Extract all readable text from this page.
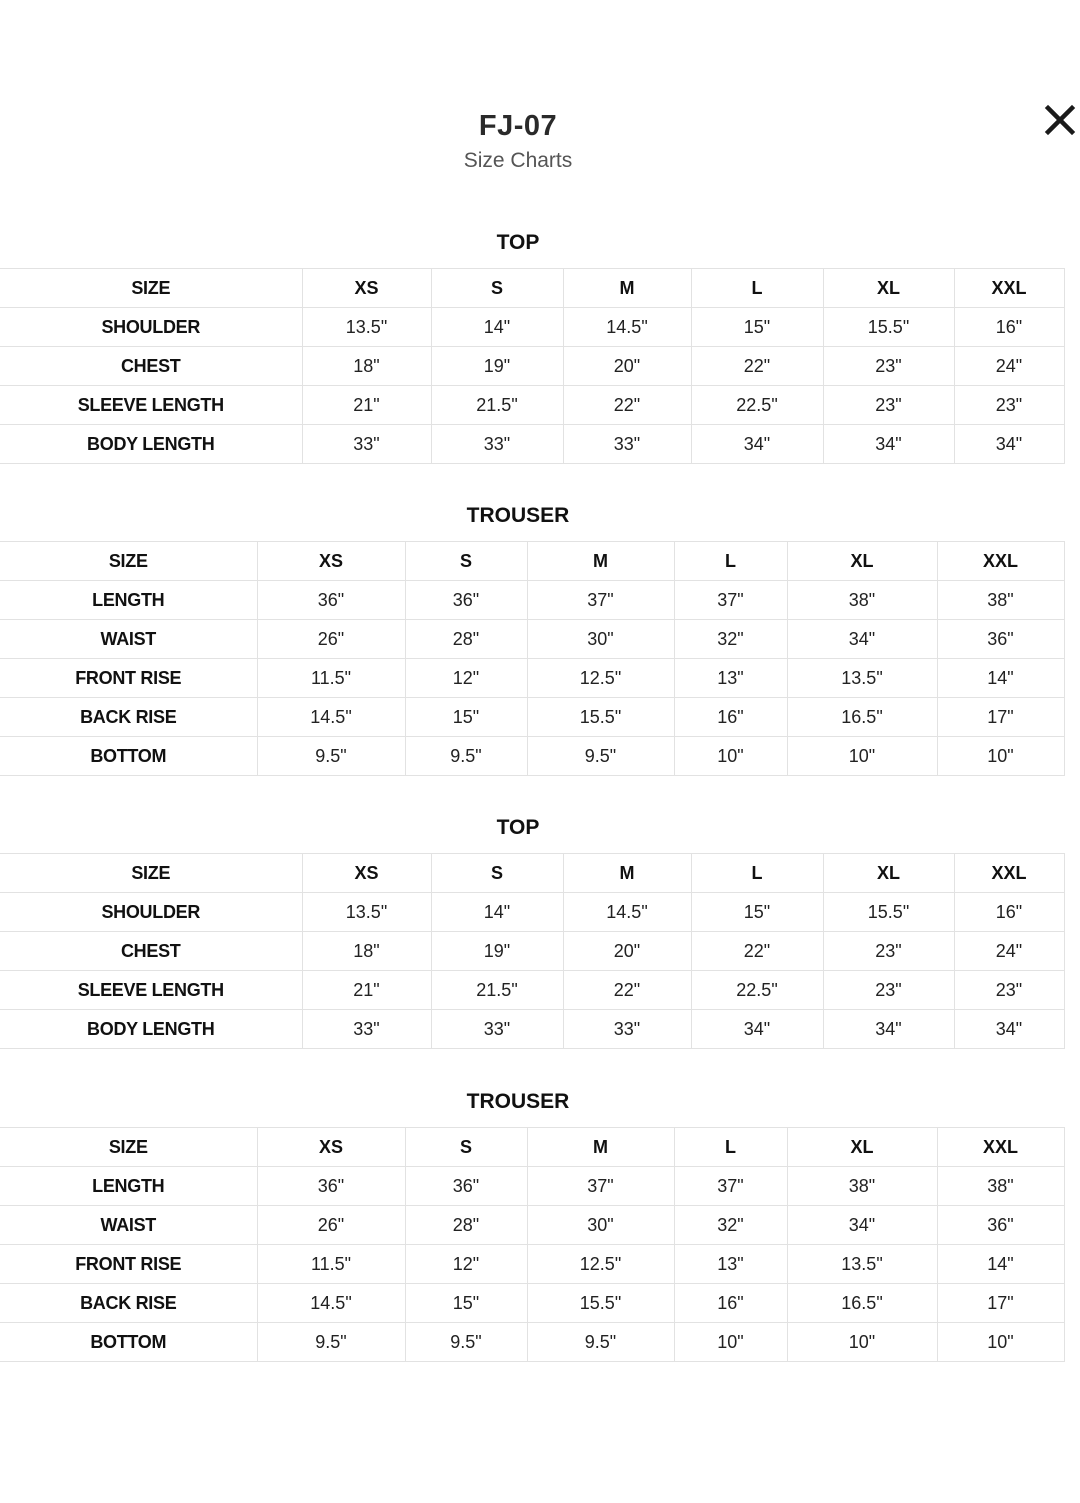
FJ-07
Size Charts
TOP
SIZE	XS	S	M	L	XL	XXL
SHOULDER	13.5"	14"	14.5"	15"	15.5"	16"
CHEST	18"	19"	20"	22"	23"	24"
SLEEVE LENGTH	21"	21.5"	22"	22.5"	23"	23"
BODY LENGTH	33"	33"	33"	34"	34"	34"
TROUSER
SIZE	XS	S	M	L	XL	XXL
LENGTH	36"	36"	37"	37"	38"	38"
WAIST	26"	28"	30"	32"	34"	36"
FRONT RISE	11.5"	12"	12.5"	13"	13.5"	14"
BACK RISE	14.5"	15"	15.5"	16"	16.5"	17"
BOTTOM	9.5"	9.5"	9.5"	10"	10"	10"
TOP
SIZE	XS	S	M	L	XL	XXL
SHOULDER	13.5"	14"	14.5"	15"	15.5"	16"
CHEST	18"	19"	20"	22"	23"	24"
SLEEVE LENGTH	21"	21.5"	22"	22.5"	23"	23"
BODY LENGTH	33"	33"	33"	34"	34"	34"
TROUSER
SIZE	XS	S	M	L	XL	XXL
LENGTH	36"	36"	37"	37"	38"	38"
WAIST	26"	28"	30"	32"	34"	36"
FRONT RISE	11.5"	12"	12.5"	13"	13.5"	14"
BACK RISE	14.5"	15"	15.5"	16"	16.5"	17"
BOTTOM	9.5"	9.5"	9.5"	10"	10"	10"
